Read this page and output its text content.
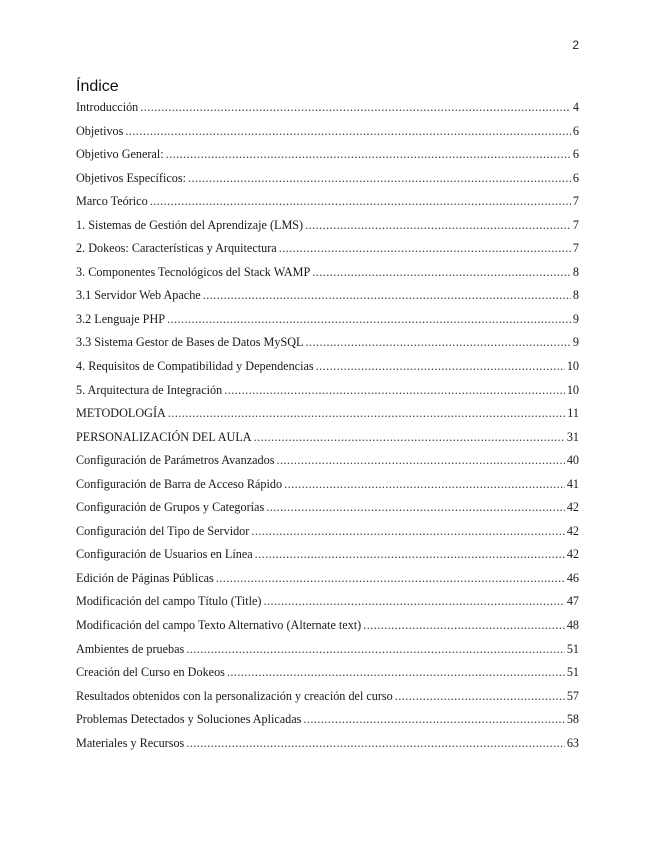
2
Índice
Introducción . . .	4
Objetivos . . .	6
Objetivo General: . . .	6
Objetivos Específicos: . . .	6
Marco Teórico . . .	7
1. Sistemas de Gestión del Aprendizaje (LMS) . . .	7
2. Dokeos: Características y Arquitectura . . .	7
3. Componentes Tecnológicos del Stack WAMP . . .	8
3.1 Servidor Web Apache . . .	8
3.2 Lenguaje PHP . . .	9
3.3 Sistema Gestor de Bases de Datos MySQL . . .	9
4. Requisitos de Compatibilidad y Dependencias . . .	10
5. Arquitectura de Integración . . .	10
METODOLOGÍA . . .	11
PERSONALIZACIÓN DEL AULA . . .	31
Configuración de Parámetros Avanzados . . .	40
Configuración de Barra de Acceso Rápido . . .	41
Configuración de Grupos y Categorías . . .	42
Configuración del Tipo de Servidor . . .	42
Configuración de Usuarios en Línea . . .	42
Edición de Páginas Públicas . . .	46
Modificación del campo Título (Title) . . .	47
Modificación del campo Texto Alternativo (Alternate text) . . .	48
Ambientes de pruebas . . .	51
Creación del Curso en Dokeos . . .	51
Resultados obtenidos con la personalización y creación del curso . . .	57
Problemas Detectados y Soluciones Aplicadas . . .	58
Materiales y Recursos . . .	63
